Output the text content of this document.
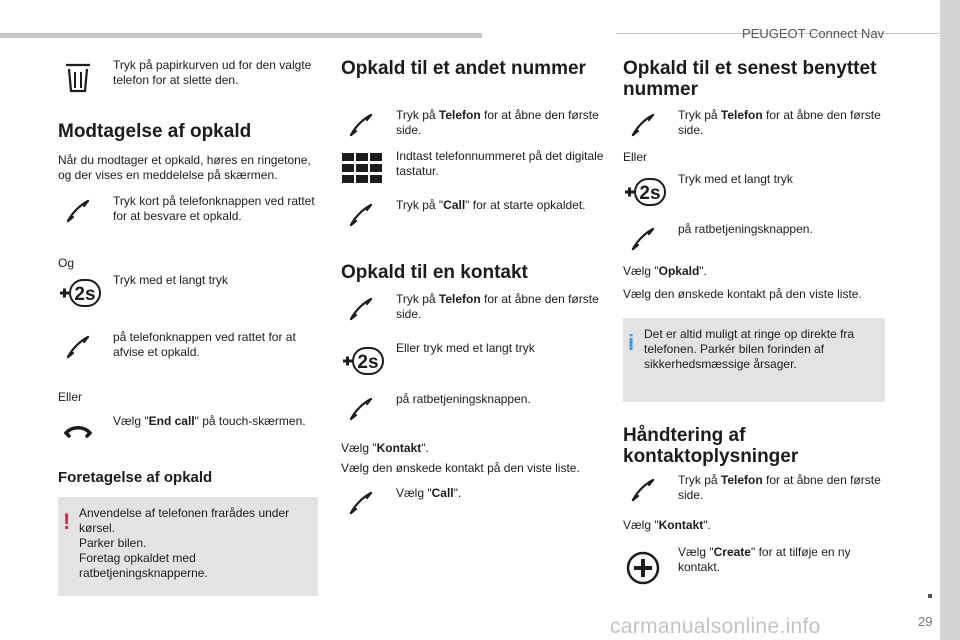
PEUGEOT Connect Nav
29
carmanualsonline.info
Tryk på papirkurven ud for den valgte telefon for at slette den.
Modtagelse af opkald

Når du modtager et opkald, høres en ringetone, og der vises en meddelelse på skærmen.

Tryk kort på telefonknappen ved rattet for at besvare et opkald.

Og

2s
Tryk med et langt tryk
på telefonknappen ved rattet for at afvise et opkald.

Eller

Vælg "End call" på touch-skærmen.
Foretagelse af opkald
! Anvendelse af telefonen frarådes under kørsel.
Parker bilen.
Foretag opkaldet med ratbetjeningsknapperne.
Opkald til et andet nummer
Tryk på Telefon for at åbne den første side.
Indtast telefonnummeret på det digitale tastatur.
Tryk på "Call" for at starte opkaldet.
Opkald til en kontakt
Tryk på Telefon for at åbne den første side.
2s
Eller tryk med et langt tryk
på ratbetjeningsknappen.

Vælg "Kontakt".

Vælg den ønskede kontakt på den viste liste.

Vælg "Call".
Opkald til et senest benyttet nummer
Tryk på Telefon for at åbne den første side.

Eller

2s
Tryk med et langt tryk
på ratbetjeningsknappen.

Vælg "Opkald".

Vælg den ønskede kontakt på den viste liste.

i Det er altid muligt at ringe op direkte fra telefonen. Parkér bilen forinden af sikkerhedsmæssige årsager.
Håndtering af kontaktoplysninger
Tryk på Telefon for at åbne den første side.

Vælg "Kontakt".

Vælg "Create" for at tilføje en ny kontakt.
